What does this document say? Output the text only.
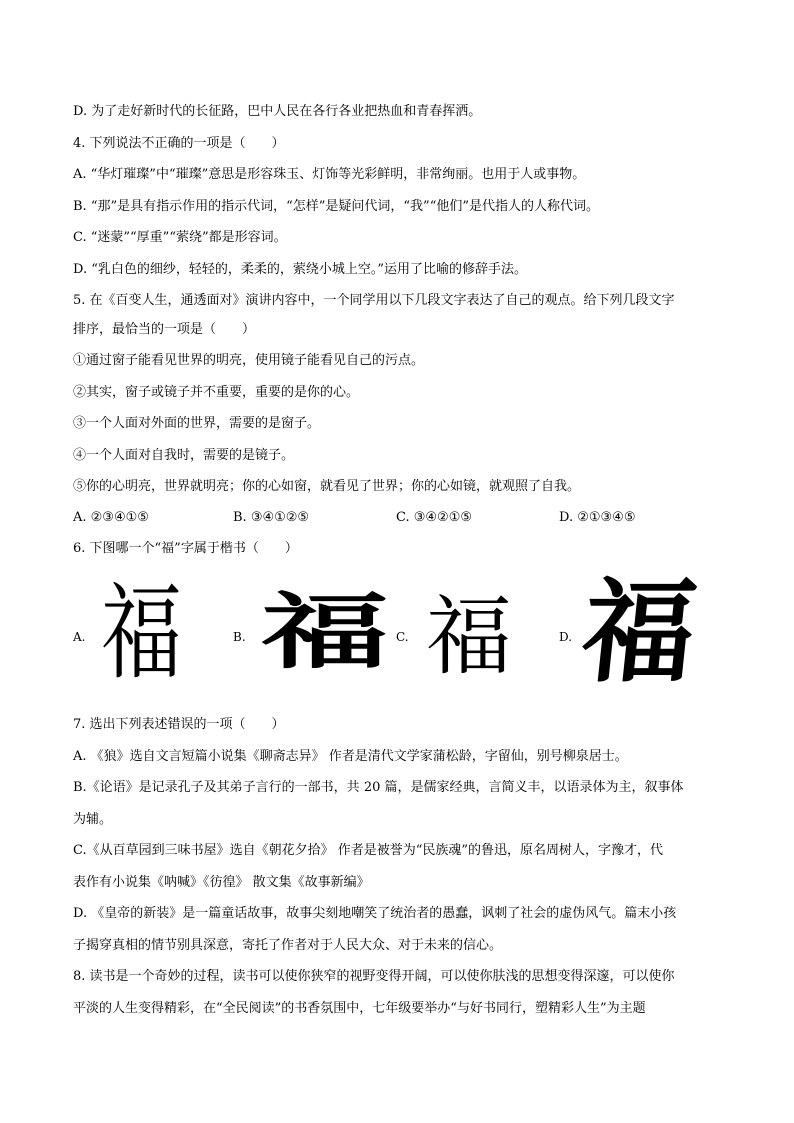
D. 为了走好新时代的长征路，巴中人民在各行各业把热血和青春挥洒。
4. 下列说法不正确的一项是（　　）
A. “华灯璀璨”中“璀璨”意思是形容珠玉、灯饰等光彩鲜明，非常绚丽。也用于人或事物。
B. “那”是具有指示作用的指示代词，“怎样”是疑问代词，“我”“他们”是代指人的人称代词。
C. “迷蒙”“厚重”“萦绕”都是形容词。
D. “乳白色的细纱，轻轻的，柔柔的，萦绕小城上空。”运用了比喻的修辞手法。
5. 在《百变人生，通透面对》演讲内容中，一个同学用以下几段文字表达了自己的观点。给下列几段文字
排序，最恰当的一项是（　　）
①通过窗子能看见世界的明亮，使用镜子能看见自己的污点。
②其实，窗子或镜子并不重要，重要的是你的心。
③一个人面对外面的世界，需要的是窗子。
④一个人面对自我时，需要的是镜子。
⑤你的心明亮，世界就明亮；你的心如窗，就看见了世界；你的心如镜，就观照了自我。
A. ②③④①⑤	B. ③④①②⑤	C. ③④②①⑤	D. ②①③④⑤
6. 下图哪一个“福”字属于楷书（　　）
A. 福	B. 福 C. 福	D. 福
7. 选出下列表述错误的一项（　　）
A. 《狼》选自文言短篇小说集《聊斋志异》 作者是清代文学家蒲松龄，字留仙，别号柳泉居士。
B.《论语》是记录孔子及其弟子言行的一部书，共 20 篇，是儒家经典，言简义丰，以语录体为主，叙事体
为辅。
C.《从百草园到三味书屋》选自《朝花夕拾》 作者是被誉为“民族魂”的鲁迅，原名周树人，字豫才，代
表作有小说集《呐喊》《彷徨》 散文集《故事新编》
D. 《皇帝的新装》是一篇童话故事，故事尖刻地嘲笑了统治者的愚蠢，讽刺了社会的虚伪风气。篇末小孩
子揭穿真相的情节别具深意，寄托了作者对于人民大众、对于未来的信心。
8. 读书是一个奇妙的过程，读书可以使你狭窄的视野变得开阔，可以使你肤浅的思想变得深邃，可以使你
平淡的人生变得精彩，在“全民阅读”的书香氛围中，七年级要举办“与好书同行，塑精彩人生”为主题
